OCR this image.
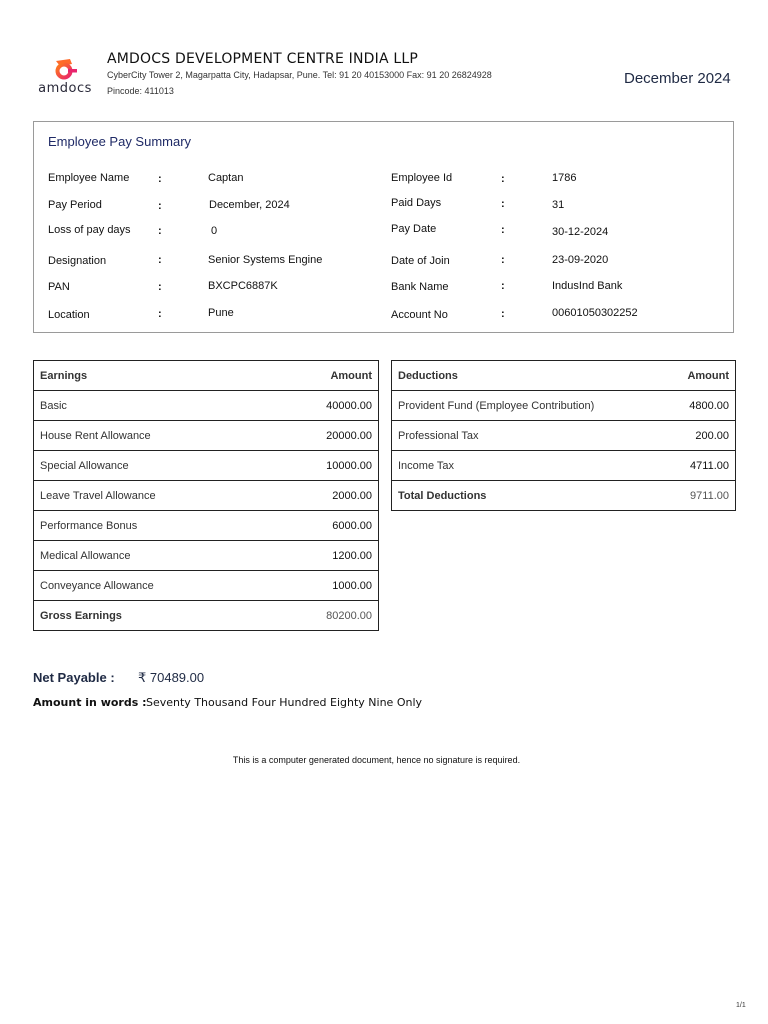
amdocs
AMDOCS DEVELOPMENT CENTRE INDIA LLP
CyberCity Tower 2, Magarpatta City, Hadapsar, Pune. Tel: 91 20 40153000 Fax: 91 20 26824928
Pincode: 411013
December 2024
Employee Pay Summary
Employee Name	:	Captan
Pay Period	:	December, 2024
Loss of pay days :	0
Designation	:	Senior Systems Engine
PAN	:	BXCPC6887K
Location	:	Pune
Employee Id	:	1786
Paid Days	:	31
Pay Date	:	30-12-2024
Date of Join	:	23-09-2020
Bank Name	:	IndusInd Bank
Account No	:	00601050302252
Earnings	Amount
Basic	40000.00
House Rent Allowance	20000.00
Special Allowance	10000.00
Leave Travel Allowance	2000.00
Performance Bonus	6000.00
Medical Allowance	1200.00
Conveyance Allowance	1000.00
Gross Earnings	80200.00
Deductions	Amount
Provident Fund (Employee Contribution)	4800.00
Professional Tax	200.00
Income Tax	4711.00
Total Deductions	9711.00
Net Payable : ₹ 70489.00
Amount in words : Seventy Thousand Four Hundred Eighty Nine Only
This is a computer generated document, hence no signature is required.
1/1
